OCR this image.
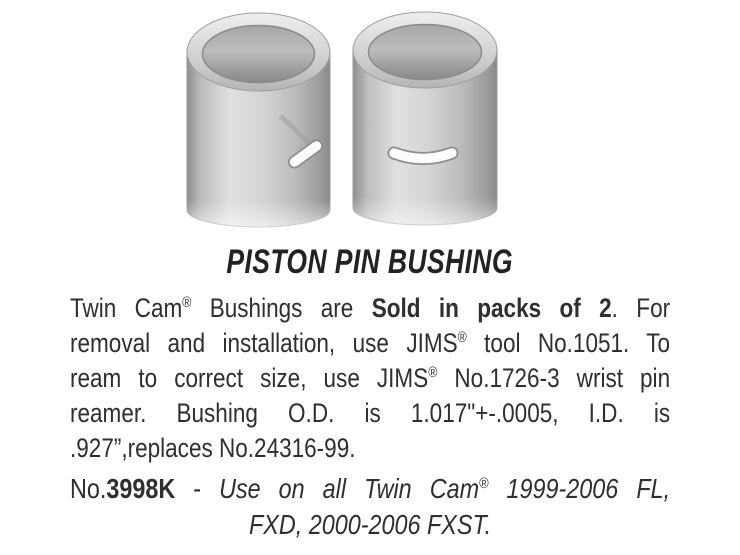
PISTON PIN BUSHING
Twin Cam® Bushings are Sold in packs of 2. For
removal and installation, use JIMS® tool No.1051. To
ream to correct size, use JIMS® No.1726-3 wrist pin
reamer. Bushing O.D. is 1.017"+-.0005, I.D. is
.927”,replaces No.24316-99.
No.3998K - Use on all Twin Cam® 1999-2006 FL,
FXD, 2000-2006 FXST.
